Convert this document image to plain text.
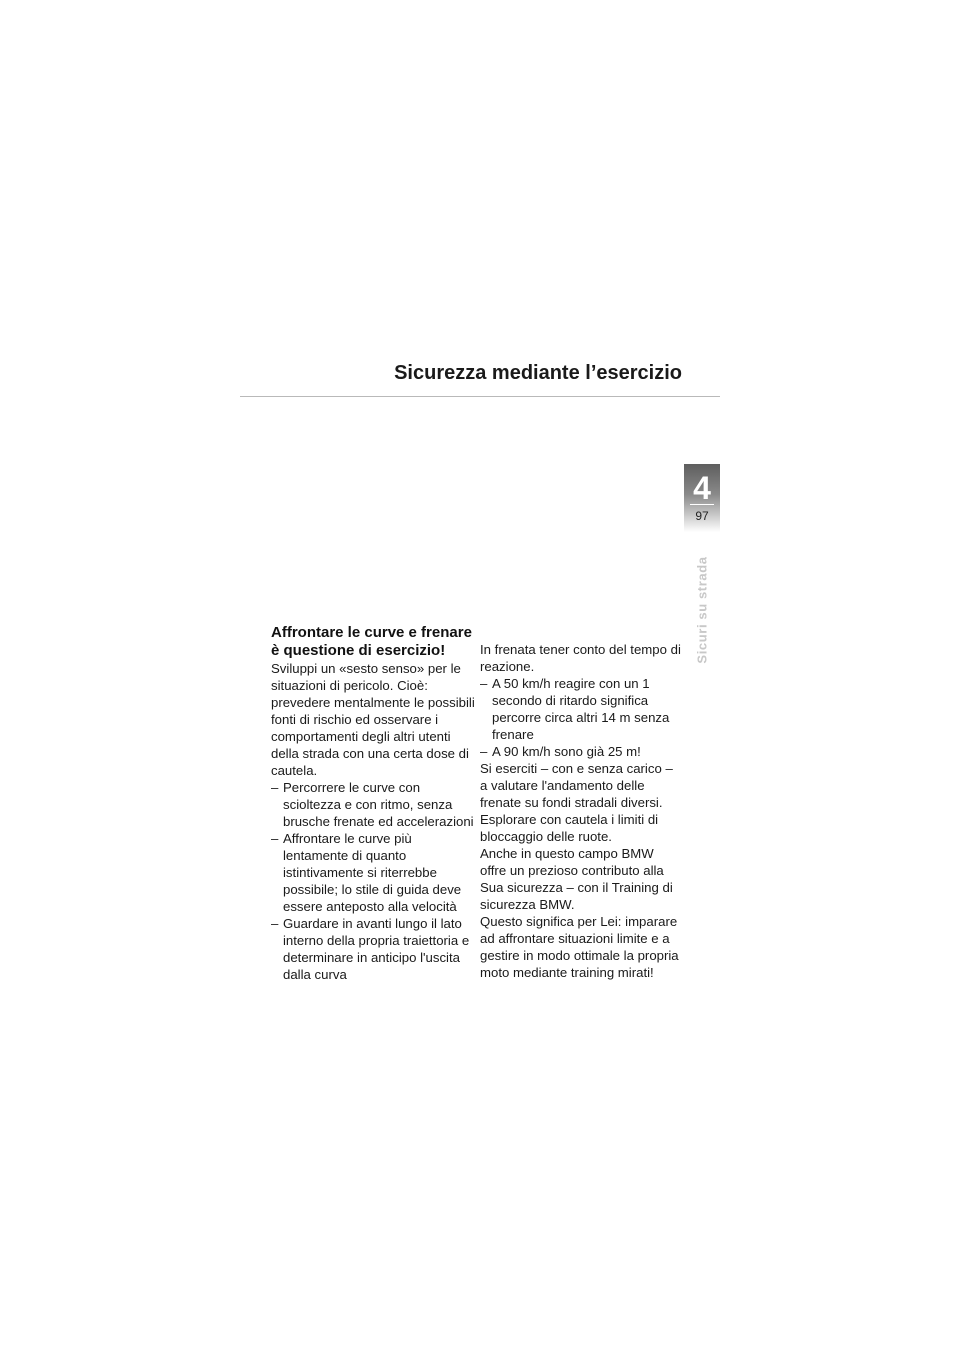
Sicurezza mediante l’esercizio
4
97
Sicuri su strada
Affrontare le curve e frenare è questione di esercizio!

Sviluppi un «sesto senso» per le situazioni di pericolo. Cioè: prevedere mentalmente le possibili fonti di rischio ed osservare i comportamenti degli altri utenti della strada con una certa dose di cautela.

– Percorrere le curve con scioltezza e con ritmo, senza brusche frenate ed accelerazioni
– Affrontare le curve più lentamente di quanto istintivamente si riterrebbe possibile; lo stile di guida deve essere anteposto alla velocità
– Guardare in avanti lungo il lato interno della propria traiettoria e determinare in anticipo l'uscita dalla curva

In frenata tener conto del tempo di reazione.

– A 50 km/h reagire con un 1 secondo di ritardo significa percorre circa altri 14 m senza frenare
– A 90 km/h sono già 25 m!

Si eserciti – con e senza carico – a valutare l'andamento delle frenate su fondi stradali diversi. Esplorare con cautela i limiti di bloccaggio delle ruote.

Anche in questo campo BMW offre un prezioso contributo alla Sua sicurezza – con il Training di sicurezza BMW.

Questo significa per Lei: imparare ad affrontare situazioni limite e a gestire in modo ottimale la propria moto mediante training mirati!
